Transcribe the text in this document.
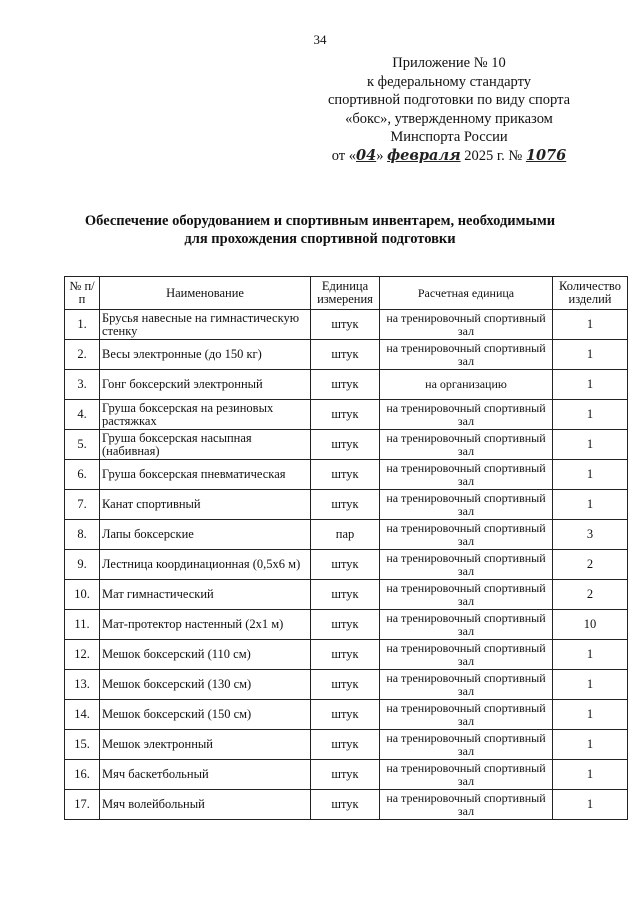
34
Приложение № 10
к федеральному стандарту
спортивной подготовки по виду спорта
«бокс», утвержденному приказом
Минспорта России
от «04» февраля 2025 г. № 1076
Обеспечение оборудованием и спортивным инвентарем, необходимыми
для прохождения спортивной подготовки
№ п/п	Наименование	Единица измерения	Расчетная единица	Количество изделий
1.	Брусья навесные на гимнастическую стенку	штук	на тренировочный спортивный зал	1
2.	Весы электронные (до 150 кг)	штук	на тренировочный спортивный зал	1
3.	Гонг боксерский электронный	штук	на организацию	1
4.	Груша боксерская на резиновых растяжках	штук	на тренировочный спортивный зал	1
5.	Груша боксерская насыпная (набивная)	штук	на тренировочный спортивный зал	1
6.	Груша боксерская пневматическая	штук	на тренировочный спортивный зал	1
7.	Канат спортивный	штук	на тренировочный спортивный зал	1
8.	Лапы боксерские	пар	на тренировочный спортивный зал	3
9.	Лестница координационная (0,5х6 м)	штук	на тренировочный спортивный зал	2
10.	Мат гимнастический	штук	на тренировочный спортивный зал	2
11.	Мат-протектор настенный (2х1 м)	штук	на тренировочный спортивный зал	10
12.	Мешок боксерский (110 см)	штук	на тренировочный спортивный зал	1
13.	Мешок боксерский (130 см)	штук	на тренировочный спортивный зал	1
14.	Мешок боксерский (150 см)	штук	на тренировочный спортивный зал	1
15.	Мешок электронный	штук	на тренировочный спортивный зал	1
16.	Мяч баскетбольный	штук	на тренировочный спортивный зал	1
17.	Мяч волейбольный	штук	на тренировочный спортивный зал	1
